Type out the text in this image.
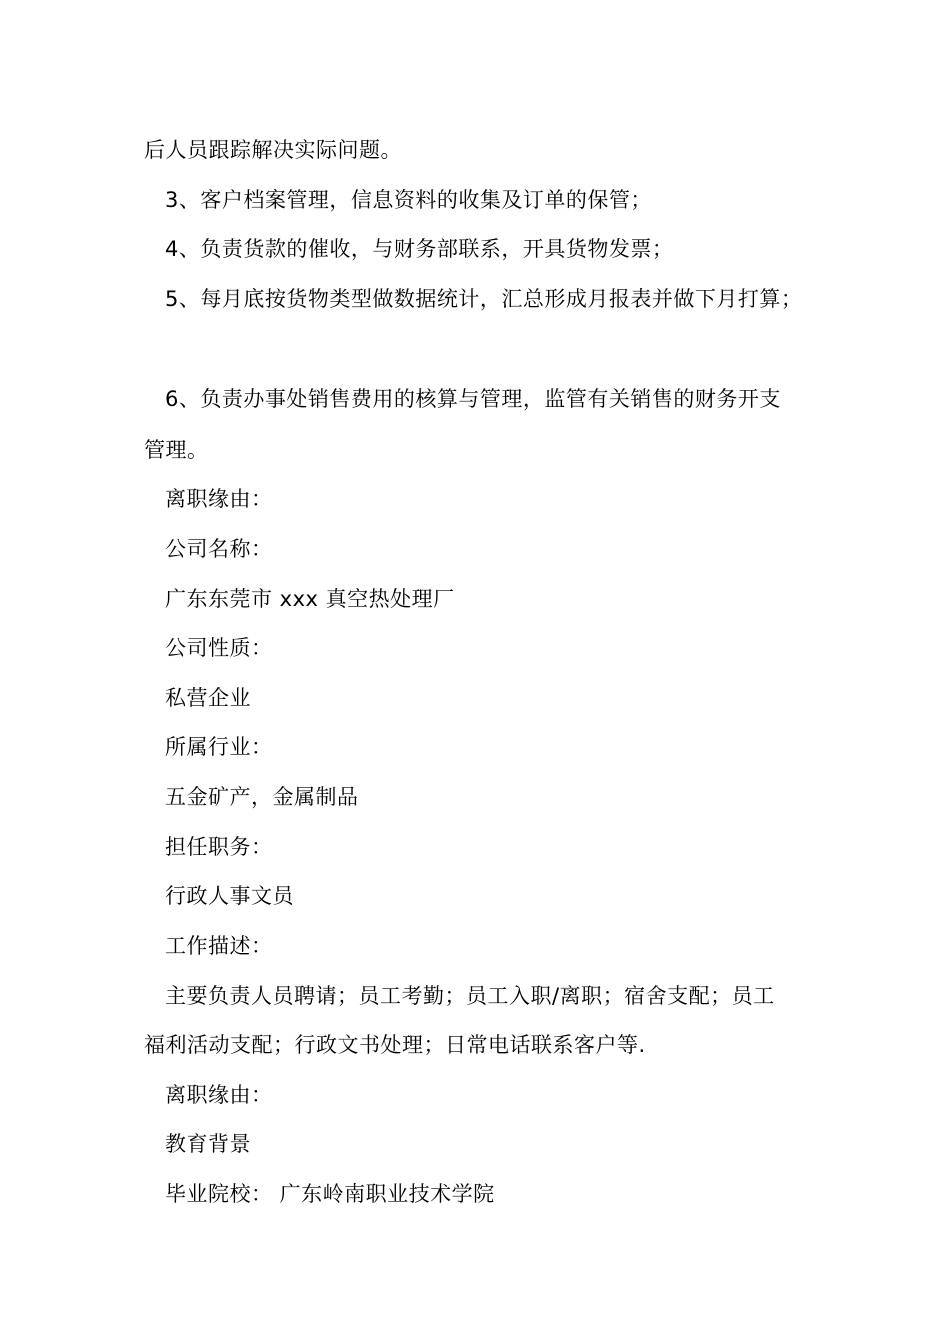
后人员跟踪解决实际问题。
3、客户档案管理，信息资料的收集及订单的保管；
4、负责货款的催收，与财务部联系，开具货物发票；
5、每月底按货物类型做数据统计，汇总形成月报表并做下月打算；
6、负责办事处销售费用的核算与管理，监管有关销售的财务开支
管理。
离职缘由：
公司名称：
广东东莞市 xxx 真空热处理厂
公司性质：
私营企业
所属行业：
五金矿产，金属制品
担任职务：
行政人事文员
工作描述：
主要负责人员聘请；员工考勤；员工入职/离职；宿舍支配；员工
福利活动支配；行政文书处理；日常电话联系客户等.
离职缘由：
教育背景
毕业院校： 广东岭南职业技术学院
